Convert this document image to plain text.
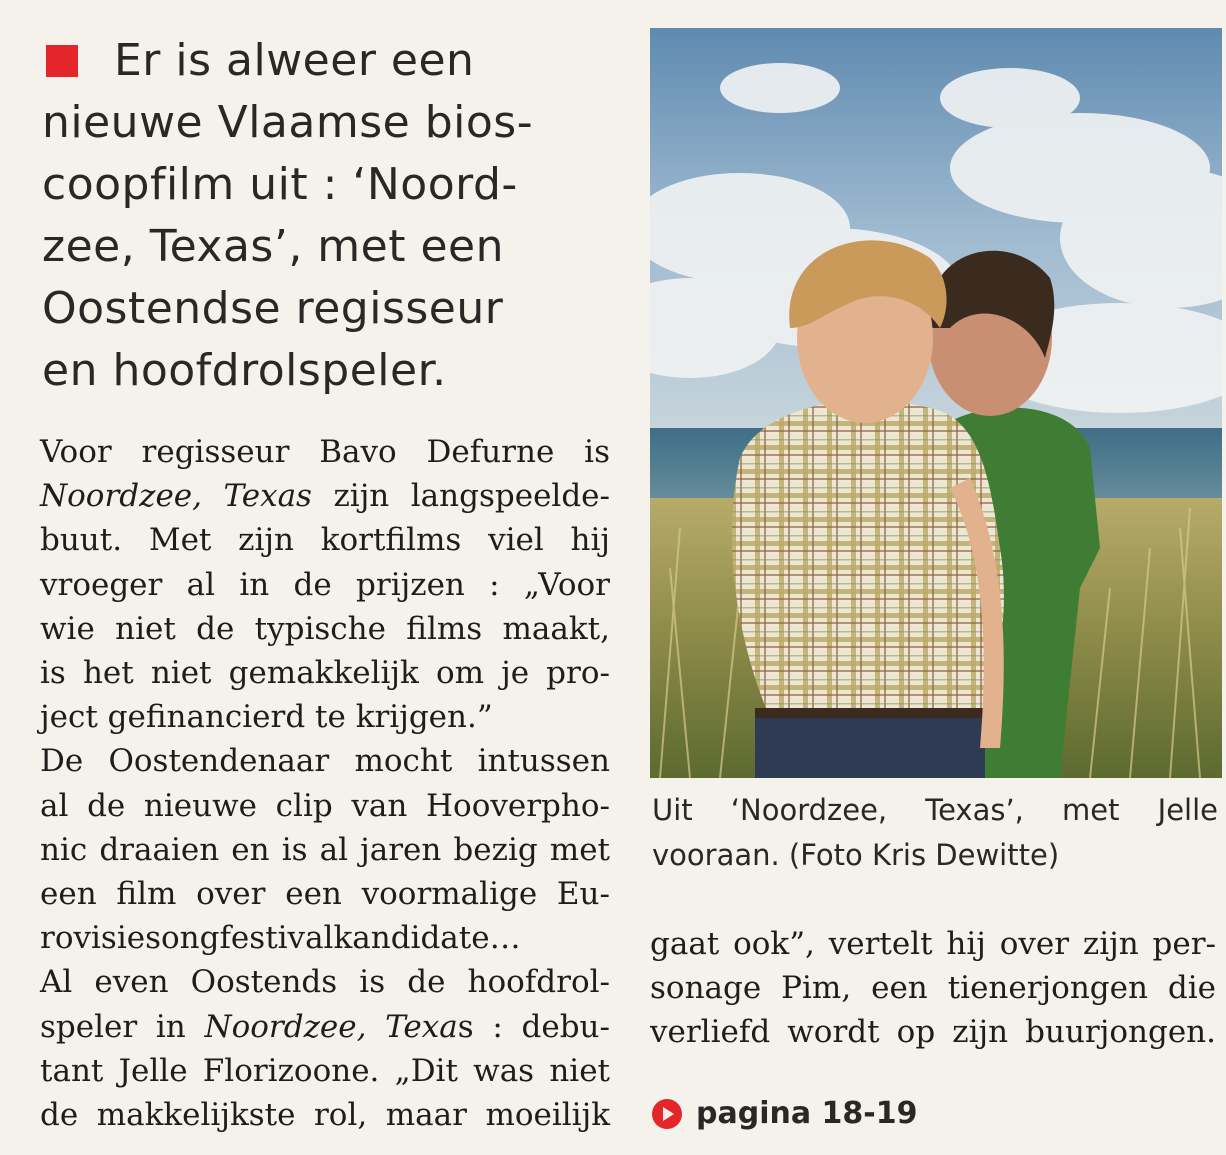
Er is alweer een
nieuwe Vlaamse bios-
coopfilm uit : ‘Noord-
zee, Texas’, met een
Oostendse regisseur
en hoofdrolspeler.
Voor regisseur Bavo Defurne is
Noordzee, Texas zijn langspeelde-
buut. Met zijn kortfilms viel hij
vroeger al in de prijzen : „Voor
wie niet de typische films maakt,
is het niet gemakkelijk om je pro-
ject gefinancierd te krijgen.”
De Oostendenaar mocht intussen
al de nieuwe clip van Hooverpho-
nic draaien en is al jaren bezig met
een film over een voormalige Eu-
rovisiesongfestivalkandidate…
Al even Oostends is de hoofdrol-
speler in Noordzee, Texas : debu-
tant Jelle Florizoone. „Dit was niet
de makkelijkste rol, maar moeilijk
Uit ‘Noordzee, Texas’, met Jelle
vooraan. (Foto Kris Dewitte)
gaat ook”, vertelt hij over zijn per-
sonage Pim, een tienerjongen die
verliefd wordt op zijn buurjongen.
pagina 18-19
